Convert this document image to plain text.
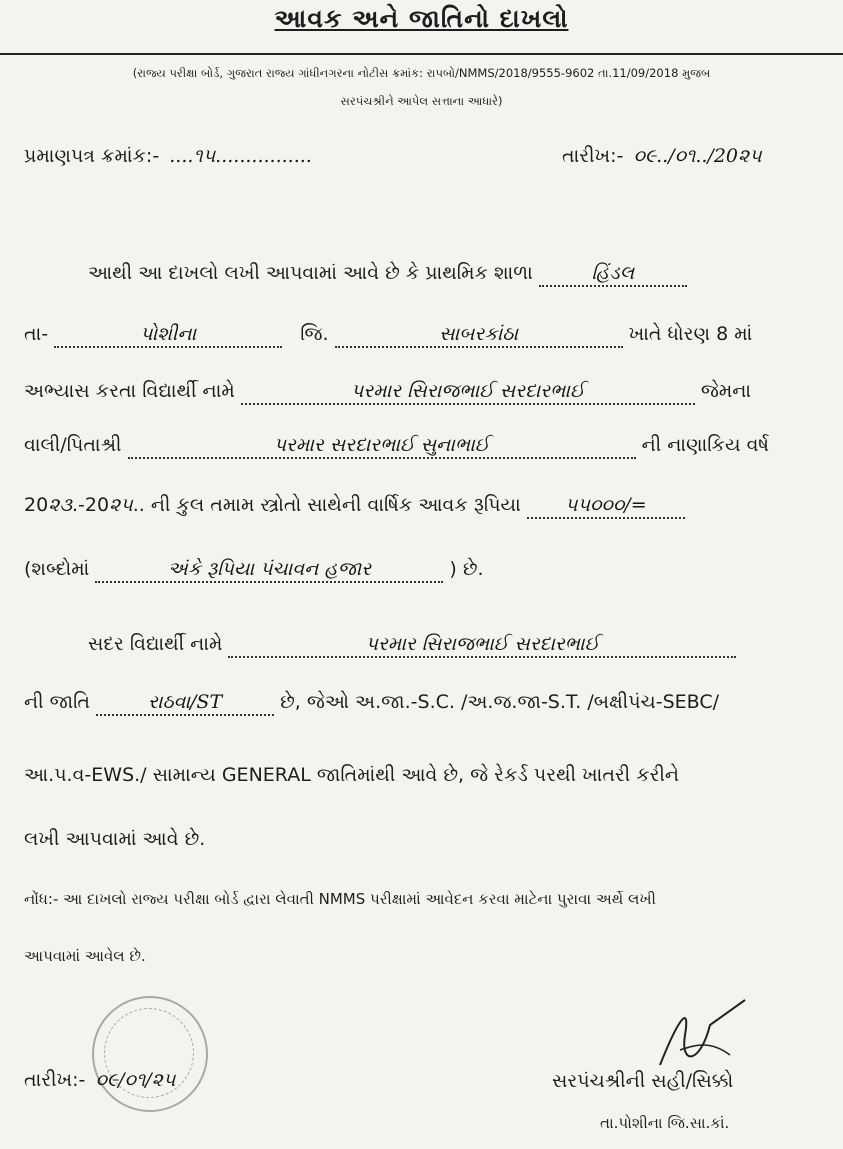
આવક અને જાતિનો દાખલો
(રાજ્ય પરીક્ષા બોર્ડ, ગુજરાત રાજ્ય ગાંધીનગરના નોટીસ ક્રમાંક: રાપબો/NMMS/2018/9555-9602 તા.11/09/2018 મુજબ
સરપંચશ્રીને આપેલ સત્તાના આધારે)
પ્રમાણપત્ર ક્રમાંક:- ....૧૫................	તારીખ:- ૦૯../૦૧../20૨૫
આથી આ દાખલો લખી આપવામાં આવે છે કે પ્રાથમિક શાળા	હિંડલ
તા-	પોશીના	જિ.	સાબરકાંઠા	ખાતે ધોરણ 8 માં
અભ્યાસ કરતા વિદ્યાર્થી નામે	પરમાર સિરાજભાઈ સરદારભાઈ	જેમના
વાલી/પિતાશ્રી	પરમાર સરદારભાઈ સુનાભાઈ	ની નાણાકિય વર્ષ
20૨૩.-20૨૫.. ની કુલ તમામ સ્ત્રોતો સાથેની વાર્ષિક આવક રૂપિયા ૫૫૦૦૦/=
(શબ્દોમાં	અંકે રૂપિયા પંચાવન હજાર	) છે.
સદર વિદ્યાર્થી નામે	પરમાર સિરાજભાઈ સરદારભાઈ
ની જાતિ	રાઠવા/ST	છે, જેઓ અ.જા.-S.C. /અ.જ.જા-S.T. /બક્ષીપંચ-SEBC/
આ.પ.વ-EWS./ સામાન્ય GENERAL જાતિમાંથી આવે છે, જે રેકર્ડ પરથી ખાતરી કરીને
લખી આપવામાં આવે છે.
નોંધ:- આ દાખલો રાજ્ય પરીક્ષા બોર્ડ દ્વારા લેવાતી NMMS પરીક્ષામાં આવેદન કરવા માટેના પુરાવા અર્થે લખી
આપવામાં આવેલ છે.
તારીખ:- ૦૯/૦૧/૨૫	સરપંચશ્રીની સહી/સિક્કો
તા.પોશીના જિ.સા.કાં.
